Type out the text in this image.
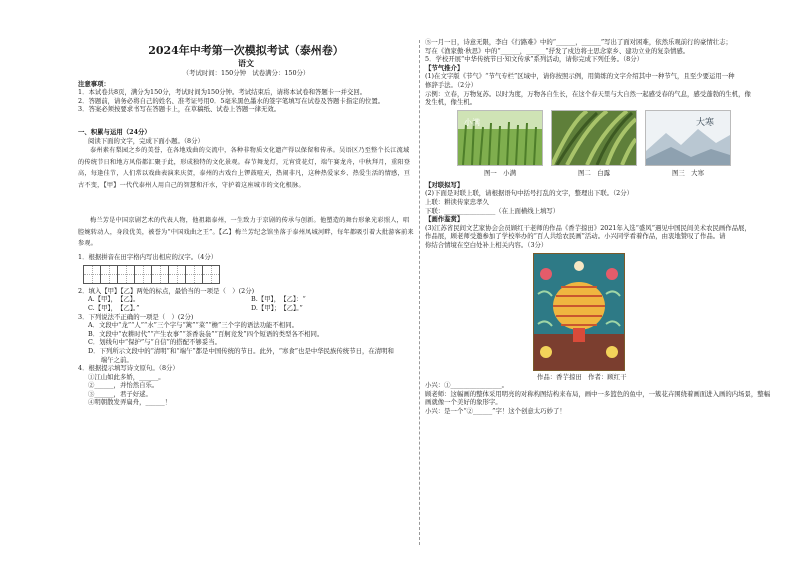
2024年中考第一次模拟考试（泰州卷）
语文
（考试时间：150分钟　试卷满分：150分）
注意事项：
1．本试卷共8页，满分为150分，考试时间为150分钟。考试结束后，请将本试卷和答题卡一并交回。
2．答题前，请务必将自己的姓名、准考证号用0．5毫米黑色墨水的签字笔填写在试卷及答题卡指定的位置。
3．答案必须按要求书写在答题卡上，在草稿纸、试卷上答题一律无效。
一、积累与运用（24分）
阅读下面的文字，完成下面小题。（8分）
泰州素有梨园之乡的美誉，在各地戏曲的交流中，各种非物质文化遗产得以保留和传承。吴语区乃至整个长江流域的传统节日和地方风俗都汇聚于此，形成独特的文化景观。春节舞龙灯，元宵赏花灯，端午赛龙舟，中秋拜月，重阳登高，每逢佳节，人们常以戏曲表演来庆贺，泰州的古戏台上锣鼓喧天，热闹非凡，这种热爱家乡、热爱生活的情感，亘古不变，【甲】一代代泰州人用自己的智慧和汗水，守护着这座城市的文化根脉。
梅兰芳是中国京剧艺术的代表人物，他祖籍泰州，一生致力于京剧的传承与创新。他塑造的舞台形象光彩照人，唱腔婉转动人，身段优美，被誉为“中国戏曲之王”。【乙】梅兰芳纪念馆坐落于泰州凤城河畔，每年都吸引着大批游客前来参观。
1．根据拼音在田字格内写出相应的汉字。（4分）
2．填入【甲】【乙】两处的标点，最恰当的一项是（　）(2分)
A.【甲】，　【乙】。	B.【甲】，　【乙】：“
C.【甲】，　【乙】。”	D.【甲】；　【乙】。”
3．下列说法不正确的一项是（　）(2分)
A．文段中“龙”“人”“水”三个字与“篱”“菜”“檐”三个字的语法功能不相同。
B．文段中“农耕时代”“产生农事”“茶香袅袅”“百舸竞发”四个短语的类型各不相同。
C．划线句中“保护”与“自信”的搭配不够妥当。
D．下列所示文段中的“清明”和“端午”都是中国传统的节日。此外，“寒食”也是中华民族传统节日，在清明和
　　端午之前。
4．根据提示填写诗文原句。（8分）
①江山如此多娇，______。
②______，并怡然自乐。
③______，君子好逑。
④明朝散发弄扁舟，______！
⑤一月一日，诗意无限，李白《行路难》中的“______，______”写出了面对困难，依然乐观前行的豪情壮志；
写在《渔家傲·秋思》中的“______，______”抒发了戍边将士思念家乡、建功立业的复杂情感。
5．学校开展“中华传统节日·知文传承”系列活动，请你完成下列任务。（8分）
【节气推介】
(1)在文字版《节气》“节气专栏”区域中，请你按照示例，用简练的文字介绍其中一种节气，且至少要运用一种
修辞手法。（2分）
示例：立春，万物复苏。以时为度，万物各自生长，在这个春天里与大自然一起感受春的气息，感受蓬勃的生机，像
发生机，像生机。
小满	大寒
图一　小满	图二　白露	图三　大寒
【对联拟写】
(2)下面是对联上联，请根据语句中括号打乱的文字，整理出下联。（2分）
上联：耕读传家忠孝久
下联：________________（在上面横线上填写）
【画作鉴赏】
(3)江苏省民间文艺家协会会员顾红干老师的作品《香芋掠田》2021年入选“盛风”遇见中国民间美术农民画作品展，
作品展，顾老师受邀参加了学校举办的“百人共绘农民画”活动。小兴同学看着作品，由衷地赞叹了作品。请
你结合情境在空白处补上相关内容。（3分）
作品：香芋掠田　作者：顾红干
小兴：①________________。
顾老师：这幅画的整体采用明亮的对称构图结构来布局，画中一多篮色的鱼中，一簇花卉围绕着画面进入画的内场景，整幅
画就像一个美好的象形字。
小兴：是一个“②______”字！这个创意太巧妙了！
